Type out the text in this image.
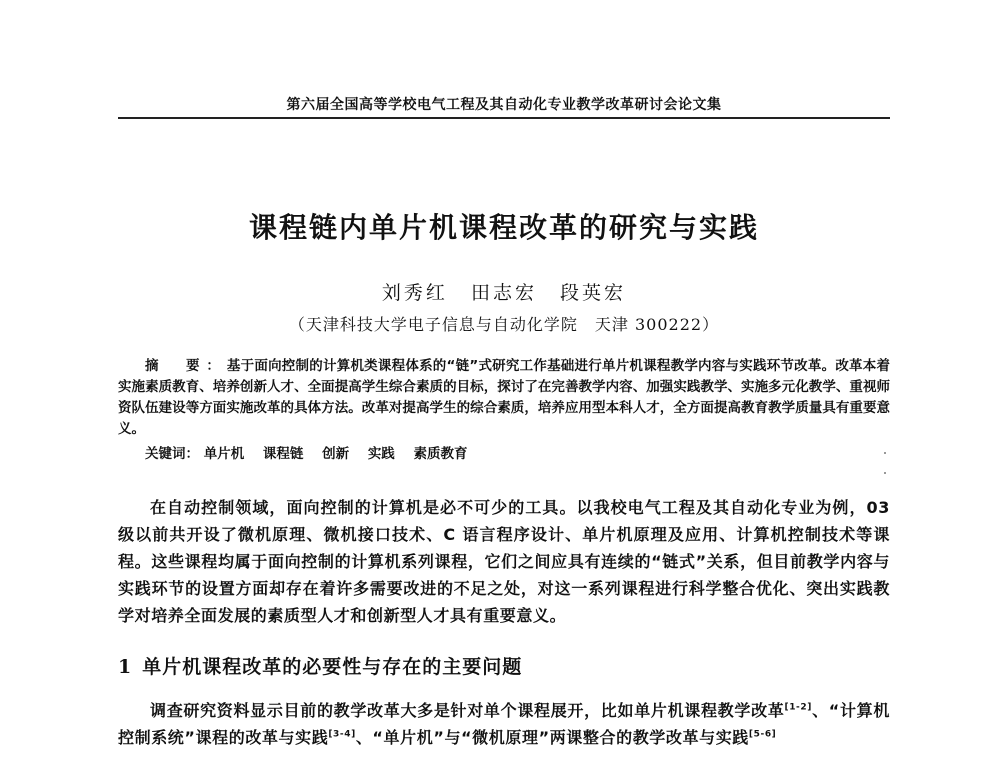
第六届全国高等学校电气工程及其自动化专业教学改革研讨会论文集
课程链内单片机课程改革的研究与实践
刘秀红 田志宏 段英宏
（天津科技大学电子信息与自动化学院　天津 300222）

摘　要：基于面向控制的计算机类课程体系的“链”式研究工作基础进行单片机课程教学内容与实践环节改革。改革本着实施素质教育、培养创新人才、全面提高学生综合素质的目标，探讨了在完善教学内容、加强实践教学、实施多元化教学、重视师资队伍建设等方面实施改革的具体方法。改革对提高学生的综合素质，培养应用型本科人才，全方面提高教育教学质量具有重要意义。

关键词： 单片机 课程链 创新 实践 素质教育

在自动控制领域，面向控制的计算机是必不可少的工具。以我校电气工程及其自动化专业为例，03 级以前共开设了微机原理、微机接口技术、C 语言程序设计、单片机原理及应用、计算机控制技术等课程。这些课程均属于面向控制的计算机系列课程，它们之间应具有连续的“链式”关系，但目前教学内容与实践环节的设置方面却存在着许多需要改进的不足之处，对这一系列课程进行科学整合优化、突出实践教学对培养全面发展的素质型人才和创新型人才具有重要意义。

1 单片机课程改革的必要性与存在的主要问题

调查研究资料显示目前的教学改革大多是针对单个课程展开，比如单片机课程教学改革[1-2]、“计算机控制系统”课程的改革与实践[3-4]、“单片机”与“微机原理”两课整合的教学改革与实践[5-6]
